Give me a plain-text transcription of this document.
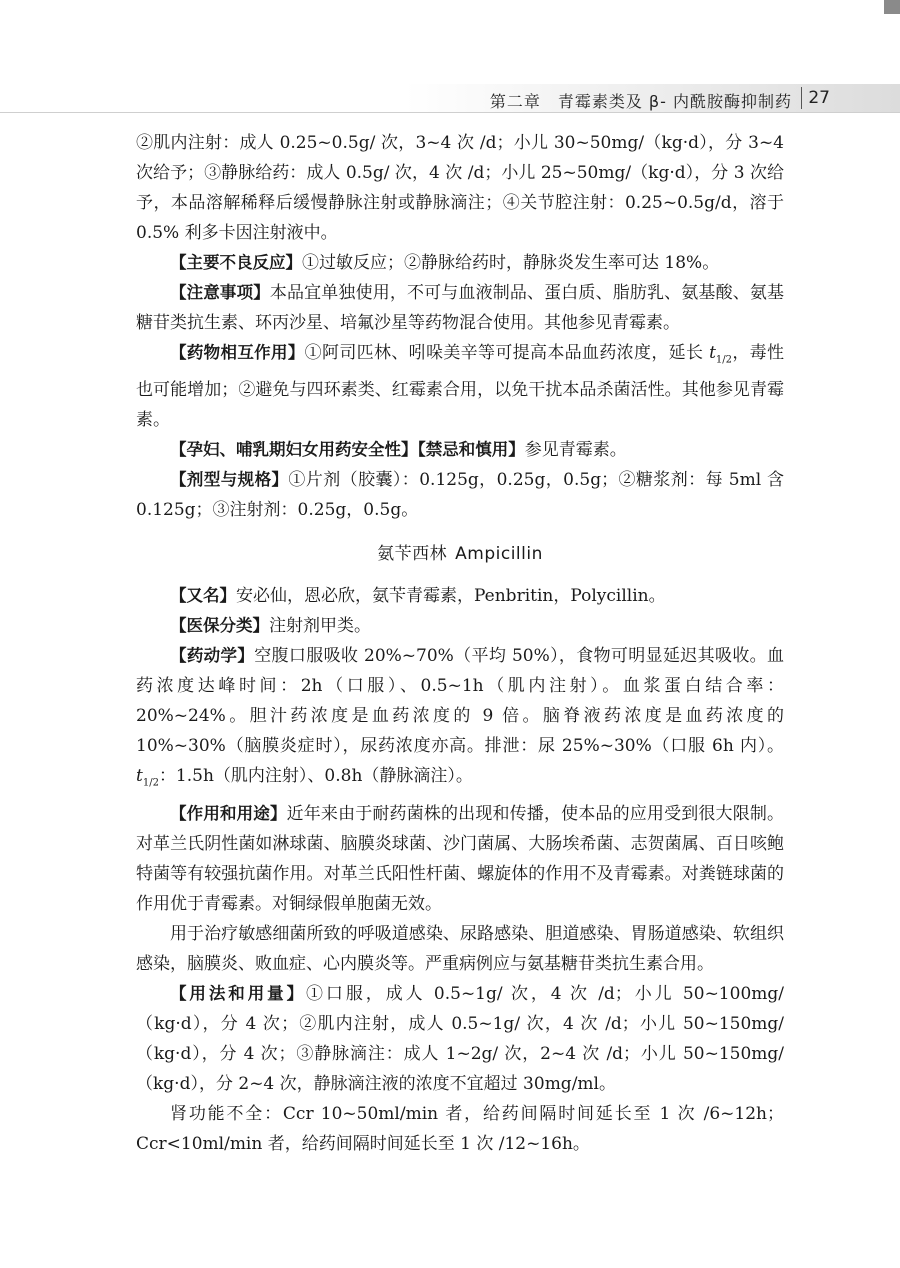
第二章　青霉素类及 β- 内酰胺酶抑制药 27

②肌内注射：成人 0.25~0.5g/ 次，3~4 次 /d；小儿 30~50mg/（kg·d），分 3~4 次给予；③静脉给药：成人 0.5g/ 次，4 次 /d；小儿 25~50mg/（kg·d），分 3 次给予，本品溶解稀释后缓慢静脉注射或静脉滴注；④关节腔注射：0.25~0.5g/d，溶于 0.5% 利多卡因注射液中。

【主要不良反应】①过敏反应；②静脉给药时，静脉炎发生率可达 18%。

【注意事项】本品宜单独使用，不可与血液制品、蛋白质、脂肪乳、氨基酸、氨基糖苷类抗生素、环丙沙星、培氟沙星等药物混合使用。其他参见青霉素。

【药物相互作用】①阿司匹林、吲哚美辛等可提高本品血药浓度，延长 $t_{1/2}$，毒性也可能增加；②避免与四环素类、红霉素合用，以免干扰本品杀菌活性。其他参见青霉素。

【孕妇、哺乳期妇女用药安全性】【禁忌和慎用】参见青霉素。

【剂型与规格】①片剂（胶囊）：0.125g，0.25g，0.5g；②糖浆剂：每 5ml 含 0.125g；③注射剂：0.25g，0.5g。

氨苄西林 Ampicillin

【又名】安必仙，恩必欣，氨苄青霉素，Penbritin，Polycillin。

【医保分类】注射剂甲类。

【药动学】空腹口服吸收 20%~70%（平均 50%），食物可明显延迟其吸收。血药浓度达峰时间：2h（口服）、0.5~1h（肌内注射）。血浆蛋白结合率：20%~24%。胆汁药浓度是血药浓度的 9 倍。脑脊液药浓度是血药浓度的 10%~30%（脑膜炎症时），尿药浓度亦高。排泄：尿 25%~30%（口服 6h 内）。$t_{1/2}$：1.5h（肌内注射）、0.8h（静脉滴注）。

【作用和用途】近年来由于耐药菌株的出现和传播，使本品的应用受到很大限制。对革兰氏阴性菌如淋球菌、脑膜炎球菌、沙门菌属、大肠埃希菌、志贺菌属、百日咳鲍特菌等有较强抗菌作用。对革兰氏阳性杆菌、螺旋体的作用不及青霉素。对粪链球菌的作用优于青霉素。对铜绿假单胞菌无效。

用于治疗敏感细菌所致的呼吸道感染、尿路感染、胆道感染、胃肠道感染、软组织感染，脑膜炎、败血症、心内膜炎等。严重病例应与氨基糖苷类抗生素合用。

【用法和用量】①口服，成人 0.5~1g/ 次，4 次 /d；小儿 50~100mg/（kg·d），分 4 次；②肌内注射，成人 0.5~1g/ 次，4 次 /d；小儿 50~150mg/（kg·d），分 4 次；③静脉滴注：成人 1~2g/ 次，2~4 次 /d；小儿 50~150mg/（kg·d），分 2~4 次，静脉滴注液的浓度不宜超过 30mg/ml。

肾功能不全：Ccr 10~50ml/min 者，给药间隔时间延长至 1 次 /6~12h；Ccr<10ml/min 者，给药间隔时间延长至 1 次 /12~16h。
